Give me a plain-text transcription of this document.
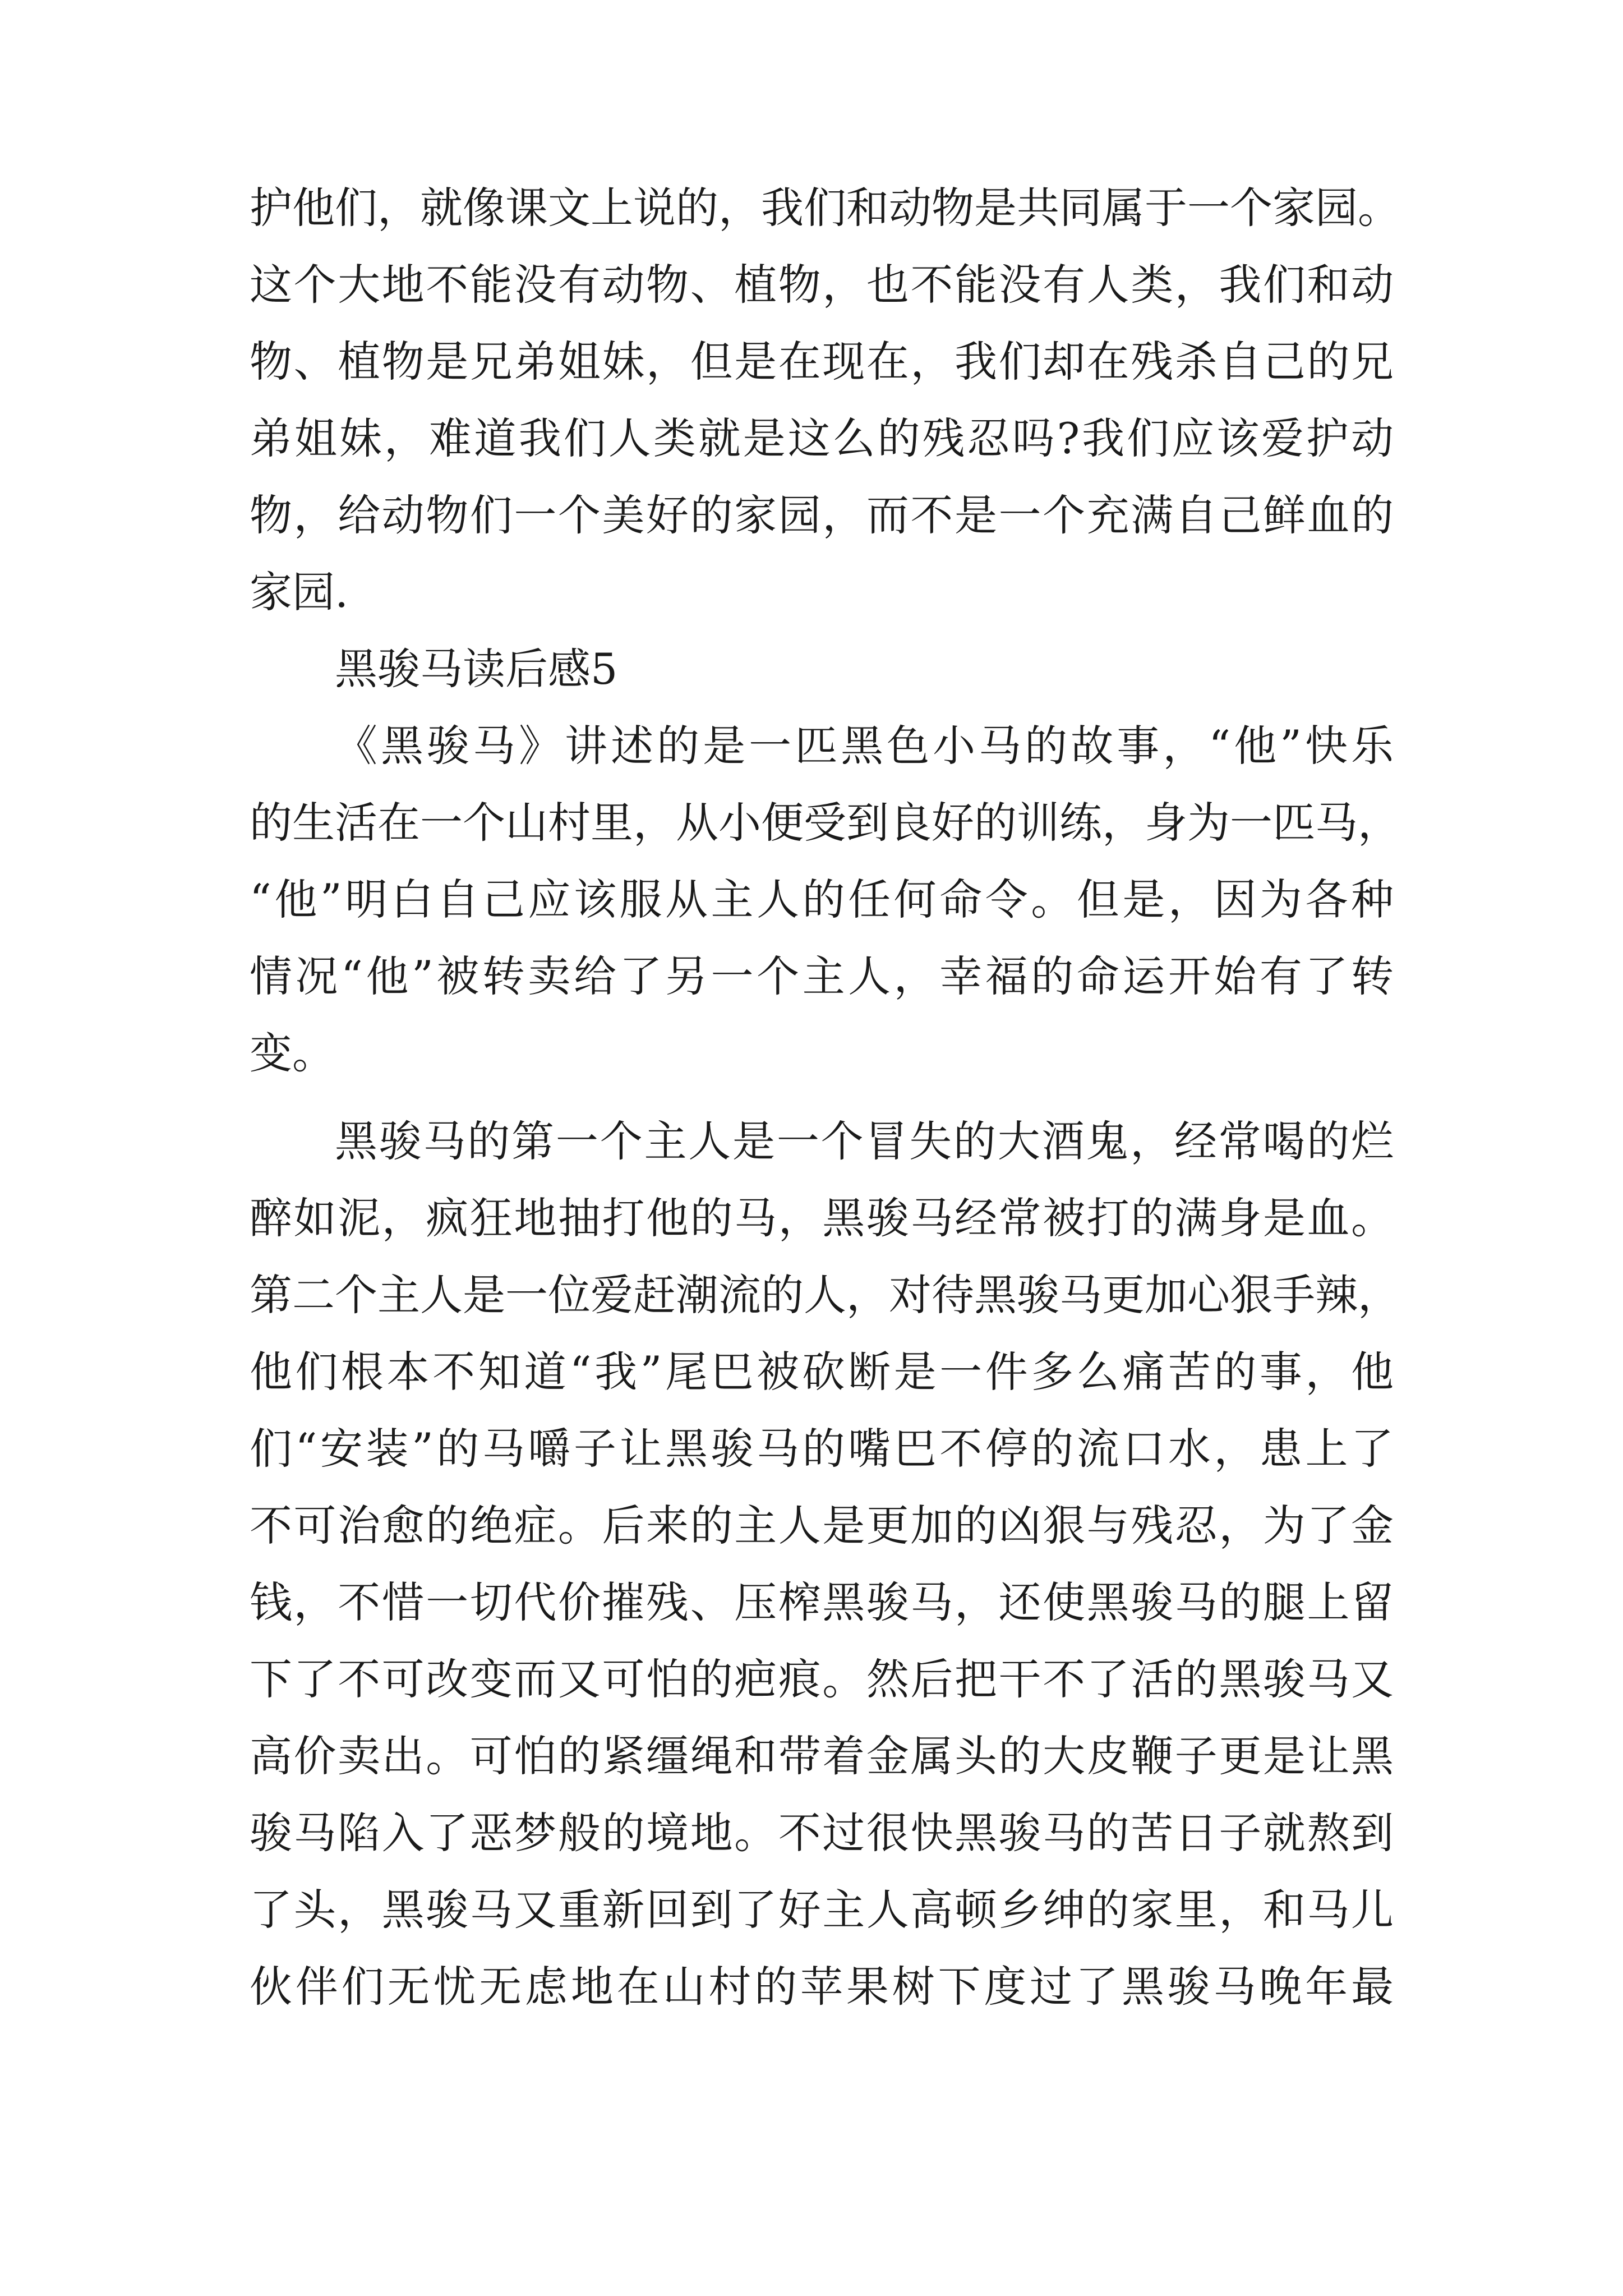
护他们，就像课文上说的，我们和动物是共同属于一个家园。
这个大地不能没有动物、植物，也不能没有人类，我们和动
物、植物是兄弟姐妹，但是在现在，我们却在残杀自己的兄
弟姐妹，难道我们人类就是这么的残忍吗?我们应该爱护动
物，给动物们一个美好的家园，而不是一个充满自己鲜血的
家园.
黑骏马读后感5
《黑骏马》讲述的是一匹黑色小马的故事，“他”快乐
的生活在一个山村里，从小便受到良好的训练，身为一匹马，
“他”明白自己应该服从主人的任何命令。但是，因为各种
情况“他”被转卖给了另一个主人，幸福的命运开始有了转
变。
黑骏马的第一个主人是一个冒失的大酒鬼，经常喝的烂
醉如泥，疯狂地抽打他的马，黑骏马经常被打的满身是血。
第二个主人是一位爱赶潮流的人，对待黑骏马更加心狠手辣，
他们根本不知道“我”尾巴被砍断是一件多么痛苦的事，他
们“安装”的马嚼子让黑骏马的嘴巴不停的流口水，患上了
不可治愈的绝症。后来的主人是更加的凶狠与残忍，为了金
钱，不惜一切代价摧残、压榨黑骏马，还使黑骏马的腿上留
下了不可改变而又可怕的疤痕。然后把干不了活的黑骏马又
高价卖出。可怕的紧缰绳和带着金属头的大皮鞭子更是让黑
骏马陷入了恶梦般的境地。不过很快黑骏马的苦日子就熬到
了头，黑骏马又重新回到了好主人高顿乡绅的家里，和马儿
伙伴们无忧无虑地在山村的苹果树下度过了黑骏马晚年最
